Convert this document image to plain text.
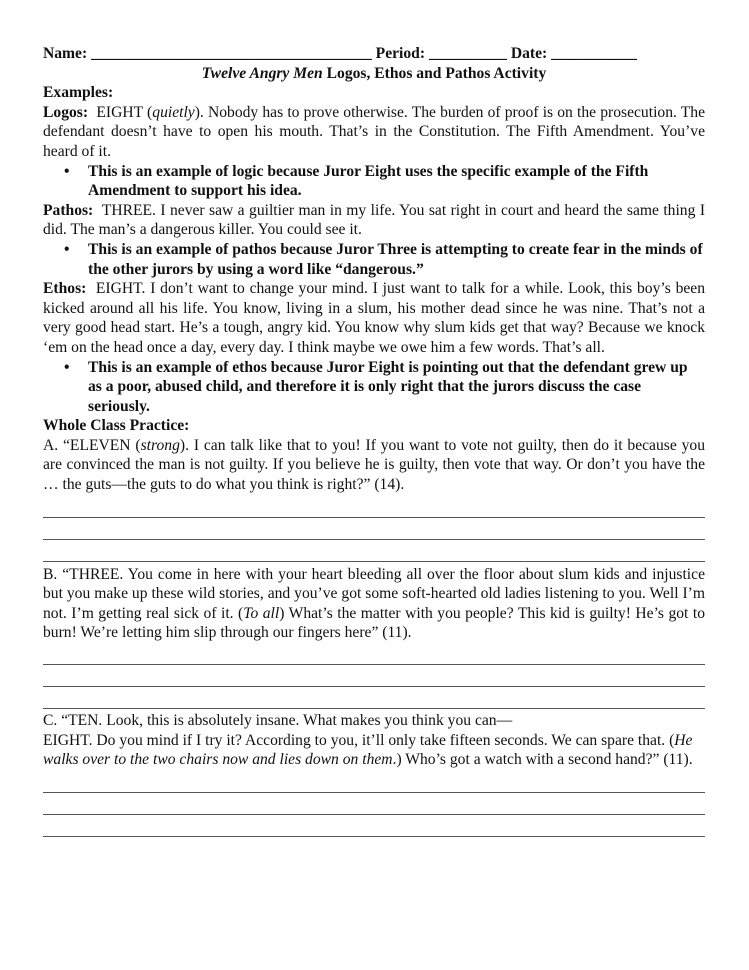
Name: ____________________________________ Period: __________ Date: ___________
Twelve Angry Men Logos, Ethos and Pathos Activity
Examples:

Logos: EIGHT (quietly). Nobody has to prove otherwise. The burden of proof is on the prosecution. The defendant doesn’t have to open his mouth. That’s in the Constitution. The Fifth Amendment. You’ve heard of it.

• This is an example of logic because Juror Eight uses the specific example of the Fifth Amendment to support his idea.

Pathos: THREE. I never saw a guiltier man in my life. You sat right in court and heard the same thing I did. The man’s a dangerous killer. You could see it.

• This is an example of pathos because Juror Three is attempting to create fear in the minds of the other jurors by using a word like “dangerous.”

Ethos: EIGHT. I don’t want to change your mind. I just want to talk for a while. Look, this boy’s been kicked around all his life. You know, living in a slum, his mother dead since he was nine. That’s not a very good head start. He’s a tough, angry kid. You know why slum kids get that way? Because we knock ‘em on the head once a day, every day. I think maybe we owe him a few words. That’s all.

• This is an example of ethos because Juror Eight is pointing out that the defendant grew up as a poor, abused child, and therefore it is only right that the jurors discuss the case seriously.
Whole Class Practice:

A. “ELEVEN (strong). I can talk like that to you! If you want to vote not guilty, then do it because you are convinced the man is not guilty. If you believe he is guilty, then vote that way. Or don’t you have the … the guts—the guts to do what you think is right?” (14).

B. “THREE. You come in here with your heart bleeding all over the floor about slum kids and injustice but you make up these wild stories, and you’ve got some soft-hearted old ladies listening to you. Well I’m not. I’m getting real sick of it. (To all) What’s the matter with you people? This kid is guilty! He’s got to burn! We’re letting him slip through our fingers here” (11).

C. “TEN. Look, this is absolutely insane. What makes you think you can—

EIGHT. Do you mind if I try it? According to you, it’ll only take fifteen seconds. We can spare that. (He walks over to the two chairs now and lies down on them.) Who’s got a watch with a second hand?” (11).
